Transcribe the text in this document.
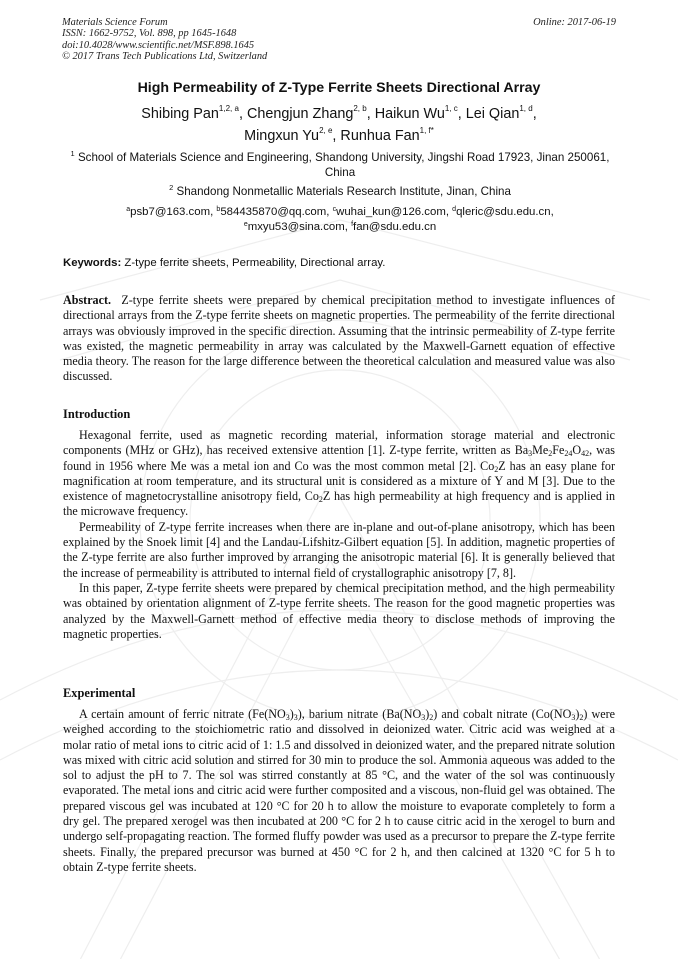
Materials Science Forum
ISSN: 1662-9752, Vol. 898, pp 1645-1648
doi:10.4028/www.scientific.net/MSF.898.1645
© 2017 Trans Tech Publications Ltd, Switzerland
Online: 2017-06-19
High Permeability of Z-Type Ferrite Sheets Directional Array
Shibing Pan$^{1,2, a}$, Chengjun Zhang$^{2, b}$, Haikun Wu$^{1, c}$, Lei Qian$^{1, d}$,
Mingxun Yu$^{2, e}$, Runhua Fan$^{1, f*}$
$^1$ School of Materials Science and Engineering, Shandong University, Jingshi Road 17923, Jinan 250061, China
$^2$ Shandong Nonmetallic Materials Research Institute, Jinan, China
$^a$psb7@163.com, $^b$584435870@qq.com, $^c$wuhai_kun@126.com, $^d$qleric@sdu.edu.cn,
$^e$mxyu53@sina.com, $^f$fan@sdu.edu.cn
Keywords: Z-type ferrite sheets, Permeability, Directional array.

Abstract. Z-type ferrite sheets were prepared by chemical precipitation method to investigate influences of directional arrays from the Z-type ferrite sheets on magnetic properties. The permeability of the ferrite directional arrays was obviously improved in the specific direction. Assuming that the intrinsic permeability of Z-type ferrite was existed, the magnetic permeability in array was calculated by the Maxwell-Garnett equation of effective media theory. The reason for the large difference between the theoretical calculation and measured value was also discussed.

Introduction

Hexagonal ferrite, used as magnetic recording material, information storage material and electronic components (MHz or GHz), has received extensive attention [1]. Z-type ferrite, written as $Ba_3Me_2Fe_{24}O_{42}$, was found in 1956 where Me was a metal ion and Co was the most common metal [2]. $Co_2Z$ has an easy plane for magnification at room temperature, and its structural unit is considered as a mixture of Y and M [3]. Due to the existence of magnetocrystalline anisotropy field, $Co_2Z$ has high permeability at high frequency and is applied in the microwave frequency.

Permeability of Z-type ferrite increases when there are in-plane and out-of-plane anisotropy, which has been explained by the Snoek limit [4] and the Landau-Lifshitz-Gilbert equation [5]. In addition, magnetic properties of the Z-type ferrite are also further improved by arranging the anisotropic material [6]. It is generally believed that the increase of permeability is attributed to internal field of crystallographic anisotropy [7, 8].

In this paper, Z-type ferrite sheets were prepared by chemical precipitation method, and the high permeability was obtained by orientation alignment of Z-type ferrite sheets. The reason for the good magnetic properties was analyzed by the Maxwell-Garnett method of effective media theory to disclose methods of improving the magnetic properties.

Experimental

A certain amount of ferric nitrate $(Fe(NO_3)_3)$, barium nitrate $(Ba(NO_3)_2)$ and cobalt nitrate $(Co(NO_3)_2)$ were weighed according to the stoichiometric ratio and dissolved in deionized water. Citric acid was weighed at a molar ratio of metal ions to citric acid of 1: 1.5 and dissolved in deionized water, and the prepared nitrate solution was mixed with citric acid solution and stirred for 30 min to produce the sol. Ammonia aqueous was added to the sol to adjust the pH to 7. The sol was stirred constantly at 85 °C, and the water of the sol was continuously evaporated. The metal ions and citric acid were further composited and a viscous, non-fluid gel was obtained. The prepared viscous gel was incubated at 120 °C for 20 h to allow the moisture to evaporate completely to form a dry gel. The prepared xerogel was then incubated at 200 °C for 2 h to cause citric acid in the xerogel to burn and undergo self-propagating reaction. The formed fluffy powder was used as a precursor to prepare the Z-type ferrite sheets. Finally, the prepared precursor was burned at 450 °C for 2 h, and then calcined at 1320 °C for 5 h to obtain Z-type ferrite sheets.
